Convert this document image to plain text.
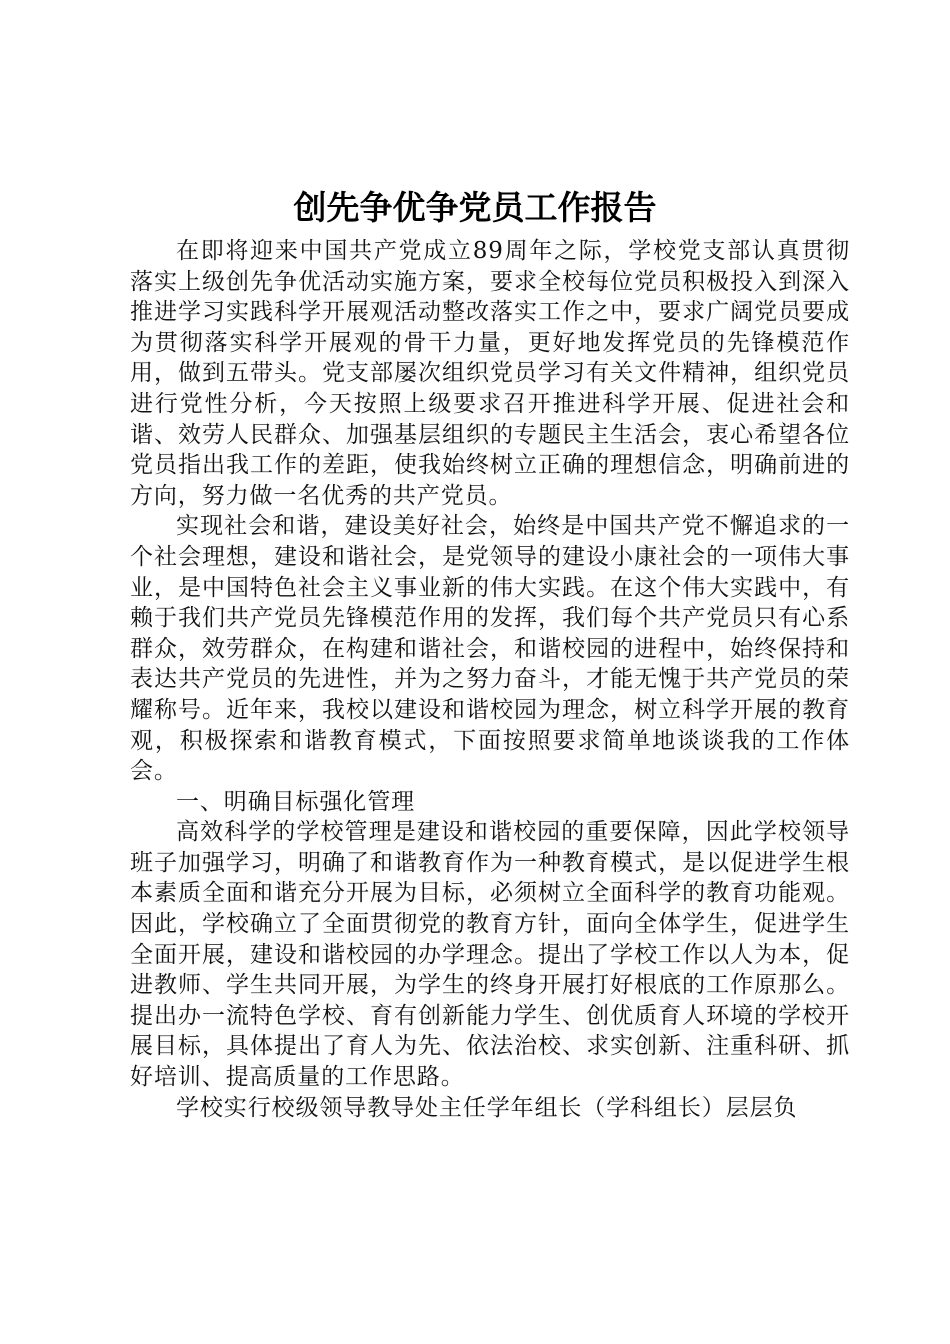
创先争优争党员工作报告

在即将迎来中国共产党成立89周年之际，学校党支部认真贯彻落实上级创先争优活动实施方案，要求全校每位党员积极投入到深入推进学习实践科学开展观活动整改落实工作之中，要求广阔党员要成为贯彻落实科学开展观的骨干力量，更好地发挥党员的先锋模范作用，做到五带头。党支部屡次组织党员学习有关文件精神，组织党员进行党性分析，今天按照上级要求召开推进科学开展、促进社会和谐、效劳人民群众、加强基层组织的专题民主生活会，衷心希望各位党员指出我工作的差距，使我始终树立正确的理想信念，明确前进的方向，努力做一名优秀的共产党员。

实现社会和谐，建设美好社会，始终是中国共产党不懈追求的一个社会理想，建设和谐社会，是党领导的建设小康社会的一项伟大事业，是中国特色社会主义事业新的伟大实践。在这个伟大实践中，有赖于我们共产党员先锋模范作用的发挥，我们每个共产党员只有心系群众，效劳群众，在构建和谐社会，和谐校园的进程中，始终保持和表达共产党员的先进性，并为之努力奋斗，才能无愧于共产党员的荣耀称号。近年来，我校以建设和谐校园为理念，树立科学开展的教育观，积极探索和谐教育模式，下面按照要求简单地谈谈我的工作体会。

一、明确目标强化管理

高效科学的学校管理是建设和谐校园的重要保障，因此学校领导班子加强学习，明确了和谐教育作为一种教育模式，是以促进学生根本素质全面和谐充分开展为目标，必须树立全面科学的教育功能观。因此，学校确立了全面贯彻党的教育方针，面向全体学生，促进学生全面开展，建设和谐校园的办学理念。提出了学校工作以人为本，促进教师、学生共同开展，为学生的终身开展打好根底的工作原那么。提出办一流特色学校、育有创新能力学生、创优质育人环境的学校开展目标，具体提出了育人为先、依法治校、求实创新、注重科研、抓好培训、提高质量的工作思路。

学校实行校级领导教导处主任学年组长（学科组长）层层负
